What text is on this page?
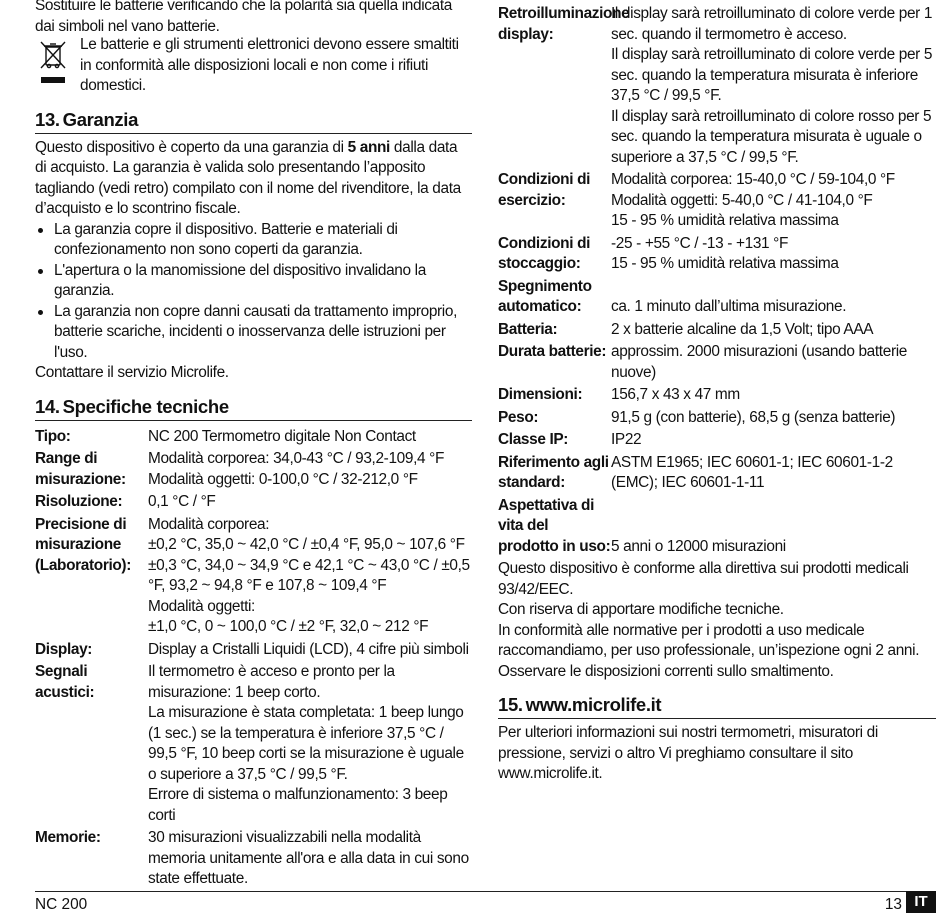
Sostituire le batterie verificando che la polarità sia quella indicata dai simboli nel vano batterie.

Le batterie e gli strumenti elettronici devono essere smaltiti in conformità alle disposizioni locali e non come i rifiuti domestici.

13. Garanzia

Questo dispositivo è coperto da una garanzia di 5 anni dalla data di acquisto. La garanzia è valida solo presentando l’apposito tagliando (vedi retro) compilato con il nome del rivenditore, la data d’acquisto e lo scontrino fiscale.

La garanzia copre il dispositivo. Batterie e materiali di confezionamento non sono coperti da garanzia.
L'apertura o la manomissione del dispositivo invalidano la garanzia.
La garanzia non copre danni causati da trattamento improprio, batterie scariche, incidenti o inosservanza delle istruzioni per l'uso.

Contattare il servizio Microlife.

14. Specifiche tecniche
Tipo:	NC 200 Termometro digitale Non Contact
Range di misurazione:
Modalità corporea: 34,0-43 °C / 93,2-109,4 °F
Modalità oggetti: 0-100,0 °C / 32-212,0 °F
Risoluzione:	0,1 °C / °F
Precisione di misurazione (Laboratorio):
Modalità corporea:
±0,2 °C, 35,0 ~ 42,0 °C / ±0,4 °F, 95,0 ~ 107,6 °F
±0,3 °C, 34,0 ~ 34,9 °C e 42,1 °C ~ 43,0 °C / ±0,5 °F, 93,2 ~ 94,8 °F e 107,8 ~ 109,4 °F
Modalità oggetti:
±1,0 °C, 0 ~ 100,0 °C / ±2 °F, 32,0 ~ 212 °F
Display:	Display a Cristalli Liquidi (LCD), 4 cifre più simboli
Segnali acustici:
Il termometro è acceso e pronto per la misurazione: 1 beep corto.
La misurazione è stata completata: 1 beep lungo (1 sec.) se la temperatura è inferiore 37,5 °C / 99,5 °F, 10 beep corti se la misurazione è uguale o superiore a 37,5 °C / 99,5 °F.
Errore di sistema o malfunzionamento: 3 beep corti
Memorie:	30 misurazioni visualizzabili nella modalità memoria unitamente all'ora e alla data in cui sono state effettuate.
Retroilluminazione display:
Il display sarà retroilluminato di colore verde per 1 sec. quando il termometro è acceso.
Il display sarà retroilluminato di colore verde per 5 sec. quando la temperatura misurata è inferiore 37,5 °C / 99,5 °F.
Il display sarà retroilluminato di colore rosso per 5 sec. quando la temperatura misurata è uguale o superiore a 37,5 °C / 99,5 °F.
Condizioni di esercizio:
Modalità corporea: 15-40,0 °C / 59-104,0 °F
Modalità oggetti: 5-40,0 °C / 41-104,0 °F
15 - 95 % umidità relativa massima
Condizioni di stoccaggio:
-25 - +55 °C / -13 - +131 °F
15 - 95 % umidità relativa massima
Spegnimento automatico:	ca. 1 minuto dall’ultima misurazione.
Batteria:	2 x batterie alcaline da 1,5 Volt; tipo AAA
Durata batterie: approssim. 2000 misurazioni (usando batterie nuove)
Dimensioni:	156,7 x 43 x 47 mm
Peso:	91,5 g (con batterie), 68,5 g (senza batterie)
Classe IP:	IP22
Riferimento agli standard:
ASTM E1965; IEC 60601-1; IEC 60601-1-2 (EMC); IEC 60601-1-11
Aspettativa di vita del prodotto in uso: 5 anni o 12000 misurazioni

Questo dispositivo è conforme alla direttiva sui prodotti medicali 93/42/EEC.

Con riserva di apportare modifiche tecniche.

In conformità alle normative per i prodotti a uso medicale raccomandiamo, per uso professionale, un’ispezione ogni 2 anni.

Osservare le disposizioni correnti sullo smaltimento.

15. www.microlife.it

Per ulteriori informazioni sui nostri termometri, misuratori di pressione, servizi o altro Vi preghiamo consultare il sito www.microlife.it.

NC 200	13 IT
